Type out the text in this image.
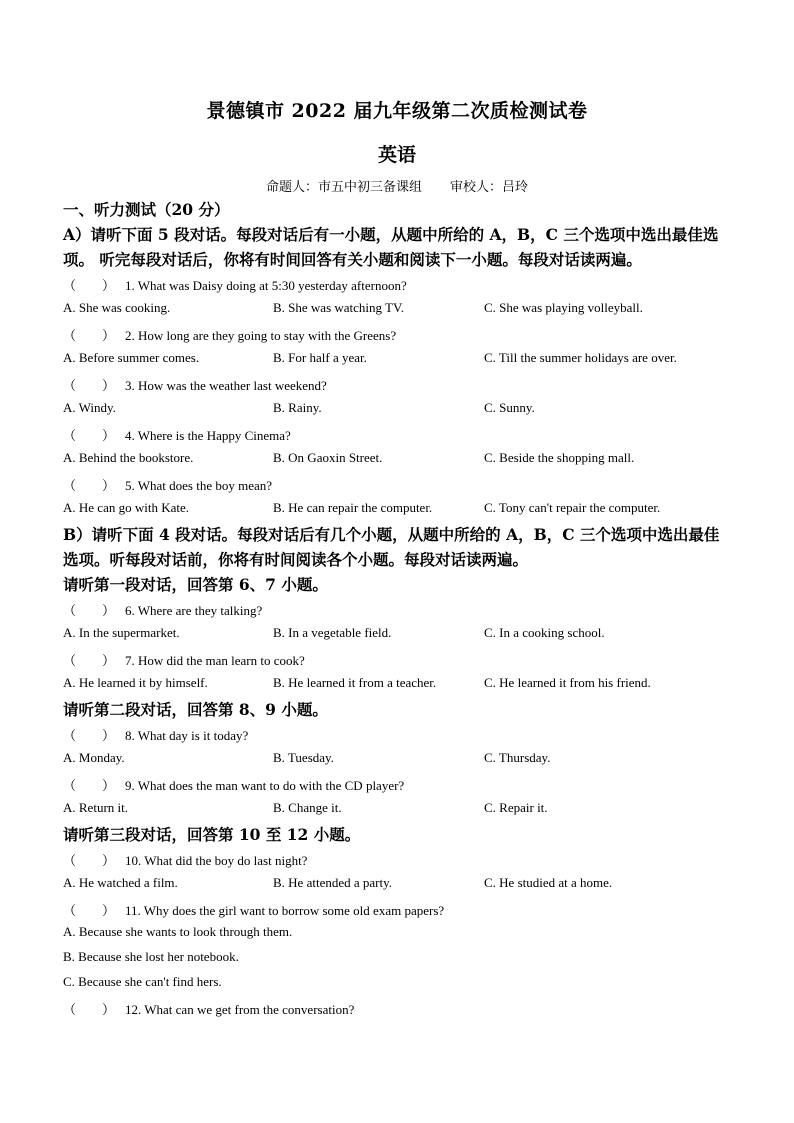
景德镇市 2022 届九年级第二次质检测试卷
英语
命题人：市五中初三备课组 审校人：吕玲
一、听力测试（20 分）
A）请听下面 5 段对话。每段对话后有一小题，从题中所给的 A，B，C 三个选项中选出最佳选
项。 听完每段对话后，你将有时间回答有关小题和阅读下一小题。每段对话读两遍。
（　　） 1. What was Daisy doing at 5:30 yesterday afternoon?
A. She was cooking.	B. She was watching TV.	C. She was playing volleyball.
（　　） 2. How long are they going to stay with the Greens?
A. Before summer comes.	B. For half a year.	C. Till the summer holidays are over.
（　　） 3. How was the weather last weekend?
A. Windy.	B. Rainy.	C. Sunny.
（　　） 4. Where is the Happy Cinema?
A. Behind the bookstore.	B. On Gaoxin Street.	C. Beside the shopping mall.
（　　） 5. What does the boy mean?
A. He can go with Kate.	B. He can repair the computer.	C. Tony can't repair the computer.
B）请听下面 4 段对话。每段对话后有几个小题，从题中所给的 A，B，C 三个选项中选出最佳
选项。听每段对话前，你将有时间阅读各个小题。每段对话读两遍。
请听第一段对话，回答第 6、7 小题。
（　　） 6. Where are they talking?
A. In the supermarket.	B. In a vegetable field.	C. In a cooking school.
（　　） 7. How did the man learn to cook?
A. He learned it by himself.	B. He learned it from a teacher.	C. He learned it from his friend.
请听第二段对话，回答第 8、9 小题。
（　　） 8. What day is it today?
A. Monday.	B. Tuesday.	C. Thursday.
（　　） 9. What does the man want to do with the CD player?
A. Return it.	B. Change it.	C. Repair it.
请听第三段对话，回答第 10 至 12 小题。
（　　） 10. What did the boy do last night?
A. He watched a film.	B. He attended a party.	C. He studied at a home.
（　　） 11. Why does the girl want to borrow some old exam papers?
A. Because she wants to look through them.
B. Because she lost her notebook.
C. Because she can't find hers.
（　　） 12. What can we get from the conversation?
